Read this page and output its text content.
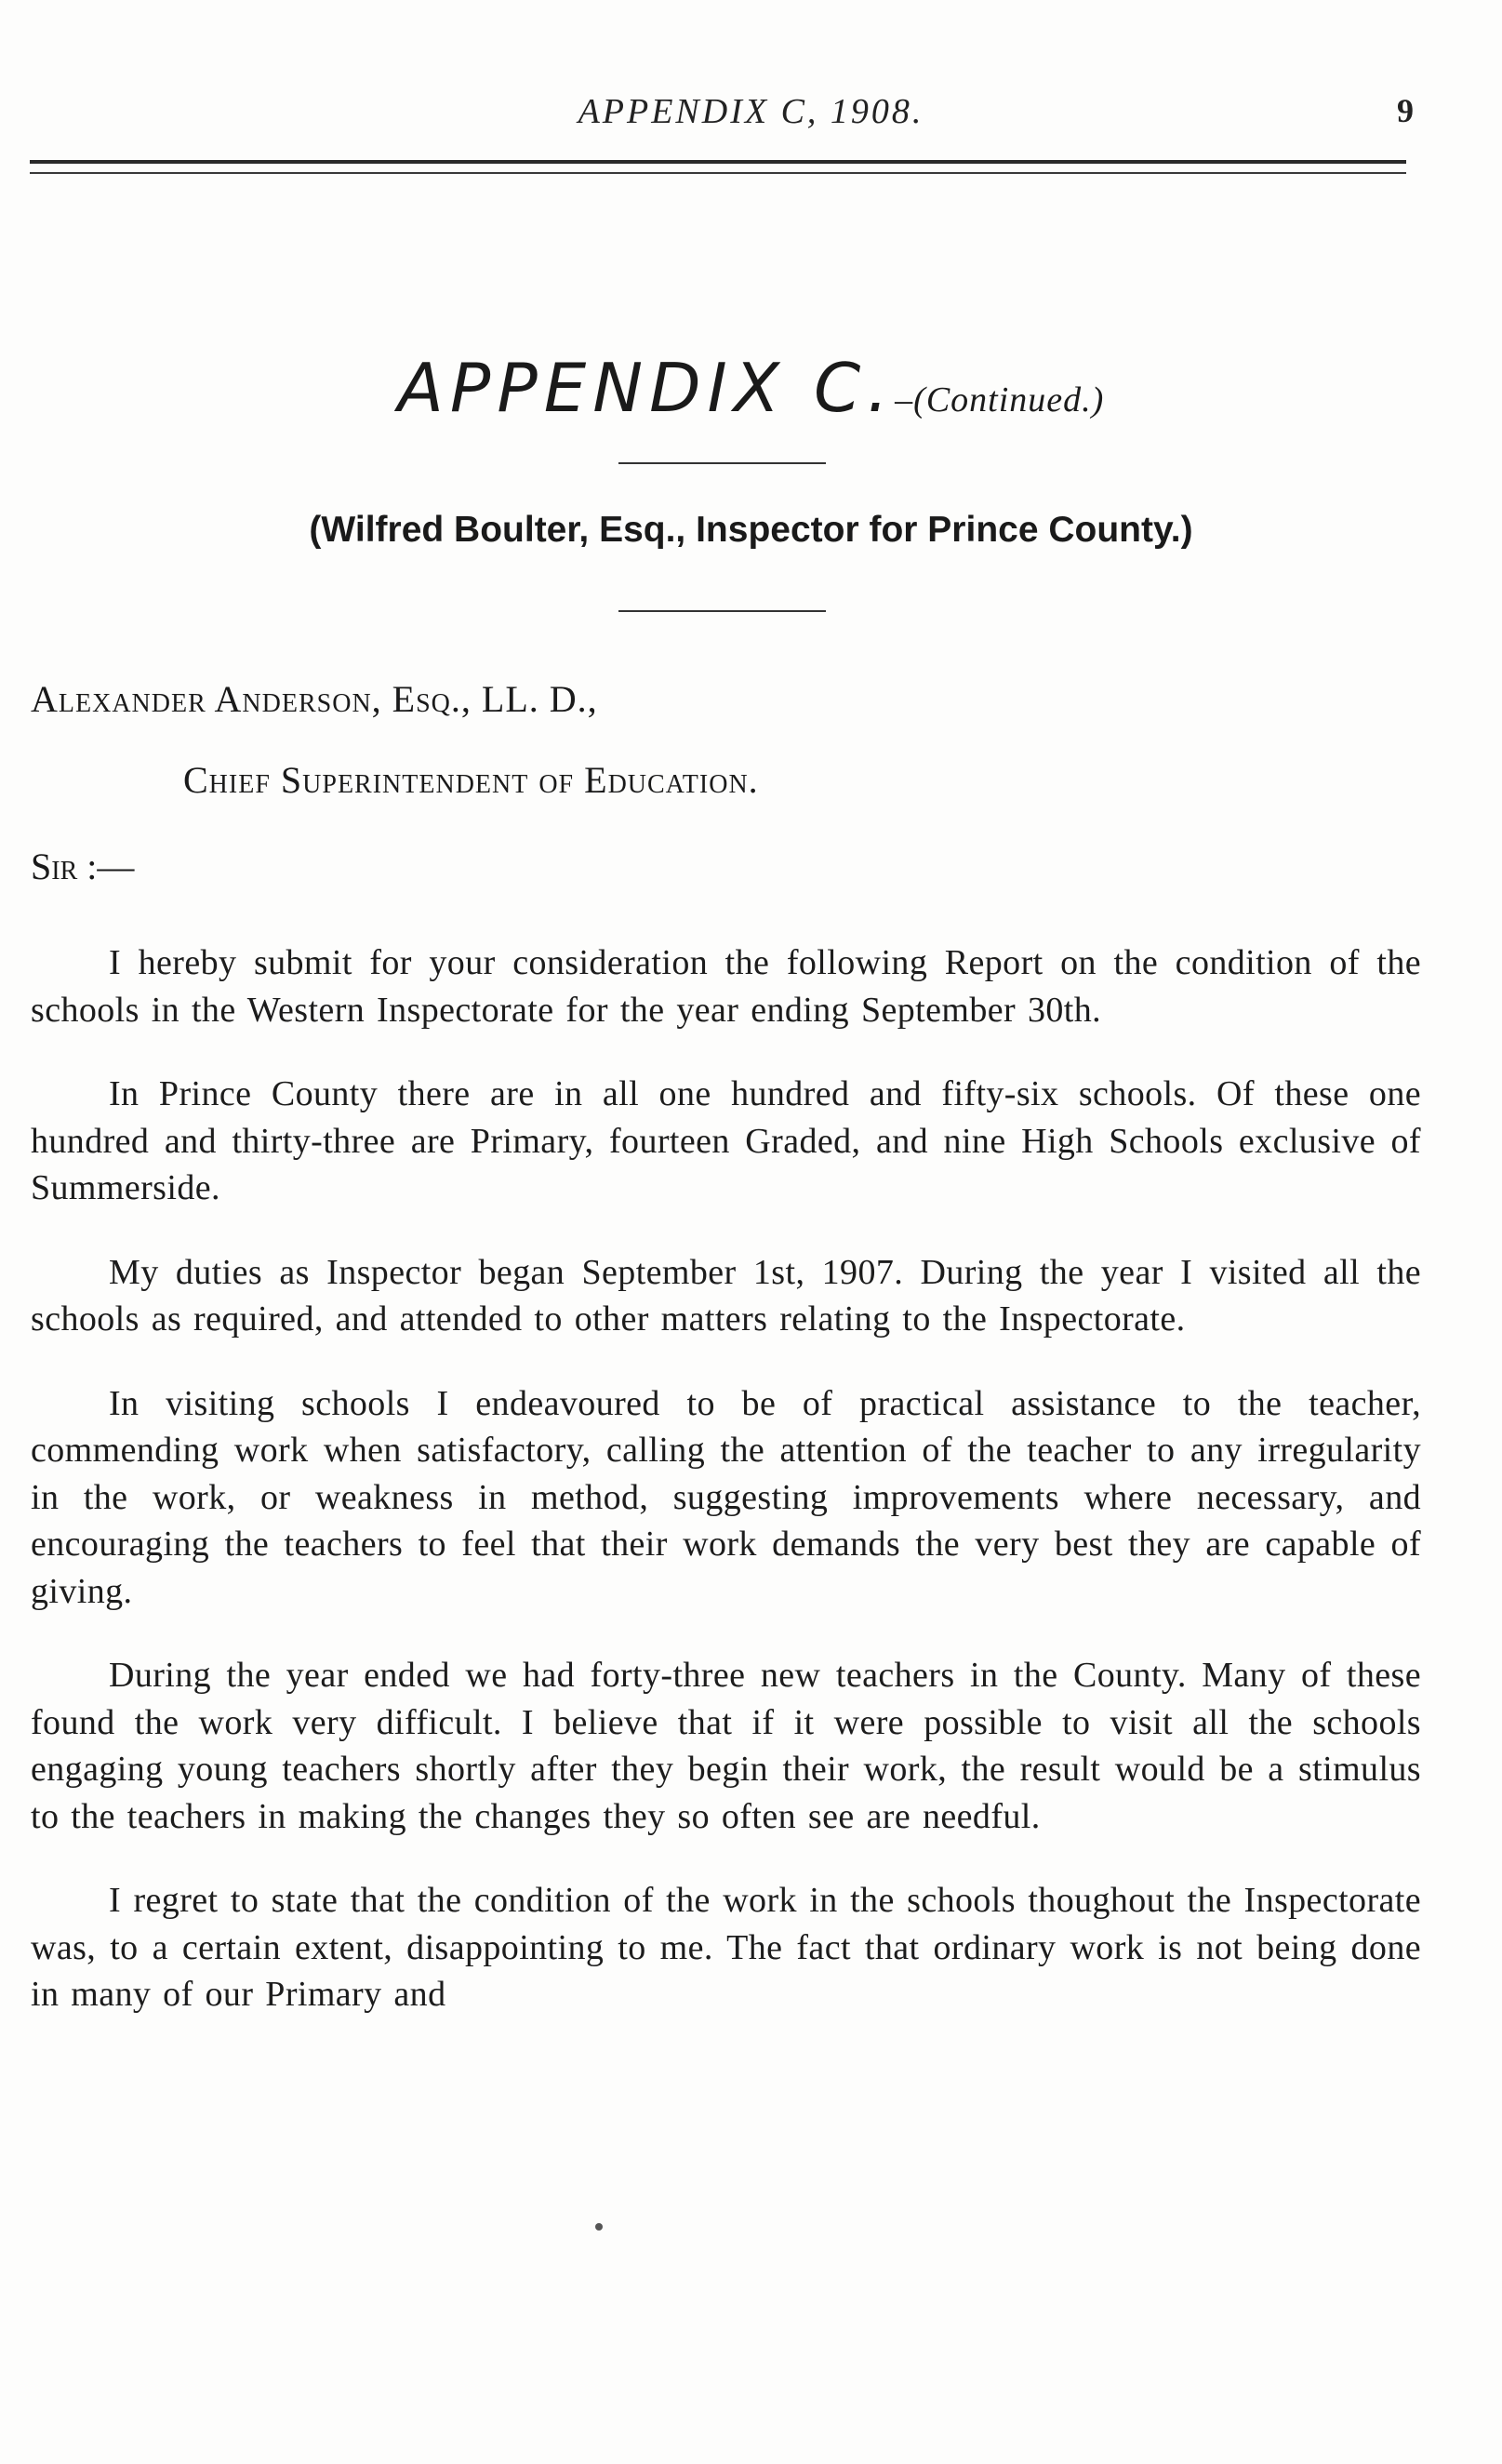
APPENDIX C, 1908.	9
APPENDIX C.–(Continued.)
(Wilfred Boulter, Esq., Inspector for Prince County.)
Alexander Anderson, Esq., LL. D.,
Chief Superintendent of Education.
Sir :—

I hereby submit for your consideration the following Report on the condition of the schools in the Western Inspectorate for the year ending September 30th.

In Prince County there are in all one hundred and fifty-six schools. Of these one hundred and thirty-three are Primary, fourteen Graded, and nine High Schools exclusive of Summerside.

My duties as Inspector began September 1st, 1907. During the year I visited all the schools as required, and attended to other matters relating to the Inspectorate.

In visiting schools I endeavoured to be of practical assistance to the teacher, commending work when satisfactory, calling the attention of the teacher to any irregularity in the work, or weakness in method, suggesting improvements where necessary, and encouraging the teachers to feel that their work demands the very best they are capable of giving.

During the year ended we had forty-three new teachers in the County. Many of these found the work very difficult. I believe that if it were possible to visit all the schools engaging young teachers shortly after they begin their work, the result would be a stimulus to the teachers in making the changes they so often see are needful.

I regret to state that the condition of the work in the schools thoughout the Inspectorate was, to a certain extent, disappointing to me. The fact that ordinary work is not being done in many of our Primary and
